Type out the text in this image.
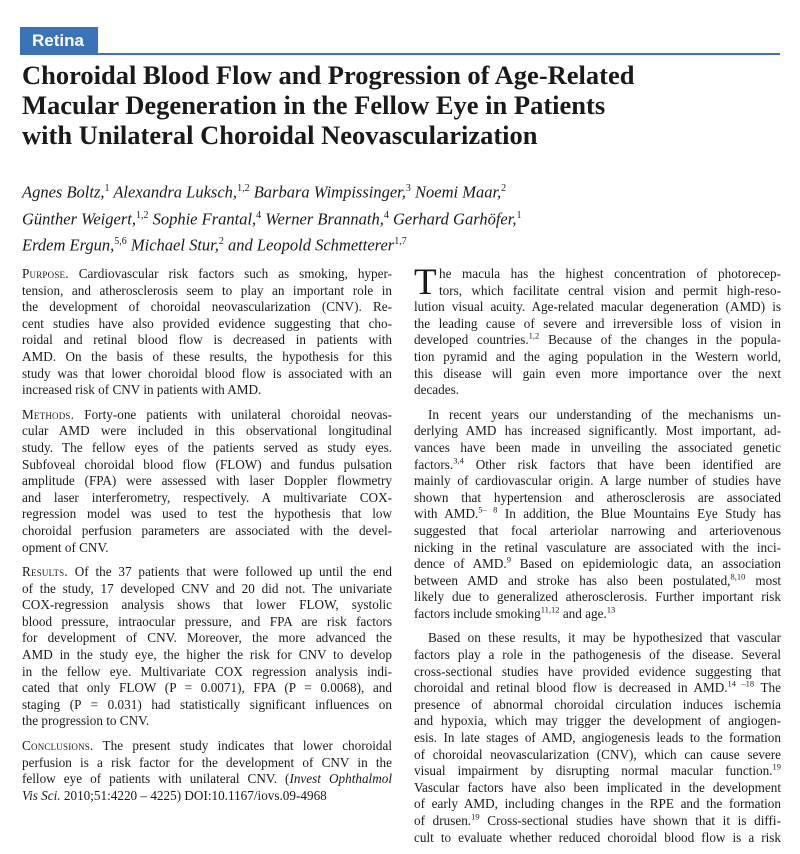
Retina
Choroidal Blood Flow and Progression of Age-Related
Macular Degeneration in the Fellow Eye in Patients
with Unilateral Choroidal Neovascularization
Agnes Boltz,$^1$ Alexandra Luksch,$^{1,2}$ Barbara Wimpissinger,$^3$ Noemi Maar,$^2$
Günther Weigert,$^{1,2}$ Sophie Frantal,$^4$ Werner Brannath,$^4$ Gerhard Garhöfer,$^1$
Erdem Ergun,$^{5,6}$ Michael Stur,$^2$ and Leopold Schmetterer$^{1,7}$
Purpose. Cardiovascular risk factors such as smoking, hyper-
tension, and atherosclerosis seem to play an important role in
the development of choroidal neovascularization (CNV). Re-
cent studies have also provided evidence suggesting that cho-
roidal and retinal blood flow is decreased in patients with
AMD. On the basis of these results, the hypothesis for this
study was that lower choroidal blood flow is associated with an
increased risk of CNV in patients with AMD.
Methods. Forty-one patients with unilateral choroidal neovas-
cular AMD were included in this observational longitudinal
study. The fellow eyes of the patients served as study eyes.
Subfoveal choroidal blood flow (FLOW) and fundus pulsation
amplitude (FPA) were assessed with laser Doppler flowmetry
and laser interferometry, respectively. A multivariate COX-
regression model was used to test the hypothesis that low
choroidal perfusion parameters are associated with the devel-
opment of CNV.
Results. Of the 37 patients that were followed up until the end
of the study, 17 developed CNV and 20 did not. The univariate
COX-regression analysis shows that lower FLOW, systolic
blood pressure, intraocular pressure, and FPA are risk factors
for development of CNV. Moreover, the more advanced the
AMD in the study eye, the higher the risk for CNV to develop
in the fellow eye. Multivariate COX regression analysis indi-
cated that only FLOW (P = 0.0071), FPA (P = 0.0068), and
staging (P = 0.031) had statistically significant influences on
the progression to CNV.
Conclusions. The present study indicates that lower choroidal
perfusion is a risk factor for the development of CNV in the
fellow eye of patients with unilateral CNV. (Invest Ophthalmol
Vis Sci. 2010;51:4220 – 4225) DOI:10.1167/iovs.09-4968
T he macula has the highest concentration of photorecep-
tors, which facilitate central vision and permit high-reso-
lution visual acuity. Age-related macular degeneration (AMD) is
the leading cause of severe and irreversible loss of vision in
developed countries.$^{1,2}$ Because of the changes in the popula-
tion pyramid and the aging population in the Western world,
this disease will gain even more importance over the next
decades.
In recent years our understanding of the mechanisms un-
derlying AMD has increased significantly. Most important, ad-
vances have been made in unveiling the associated genetic
factors.$^{3,4}$ Other risk factors that have been identified are
mainly of cardiovascular origin. A large number of studies have
shown that hypertension and atherosclerosis are associated
with AMD.$^{5- 8}$ In addition, the Blue Mountains Eye Study has
suggested that focal arteriolar narrowing and arteriovenous
nicking in the retinal vasculature are associated with the inci-
dence of AMD.$^9$ Based on epidemiologic data, an association
between AMD and stroke has also been postulated,$^{8,10}$ most
likely due to generalized atherosclerosis. Further important risk
factors include smoking$^{11,12}$ and age.$^{13}$
Based on these results, it may be hypothesized that vascular
factors play a role in the pathogenesis of the disease. Several
cross-sectional studies have provided evidence suggesting that
choroidal and retinal blood flow is decreased in AMD.$^{14 -18}$ The
presence of abnormal choroidal circulation induces ischemia
and hypoxia, which may trigger the development of angiogen-
esis. In late stages of AMD, angiogenesis leads to the formation
of choroidal neovascularization (CNV), which can cause severe
visual impairment by disrupting normal macular function.$^{19}$
Vascular factors have also been implicated in the development
of early AMD, including changes in the RPE and the formation
of drusen.$^{19}$ Cross-sectional studies have shown that it is diffi-
cult to evaluate whether reduced choroidal blood flow is a risk
